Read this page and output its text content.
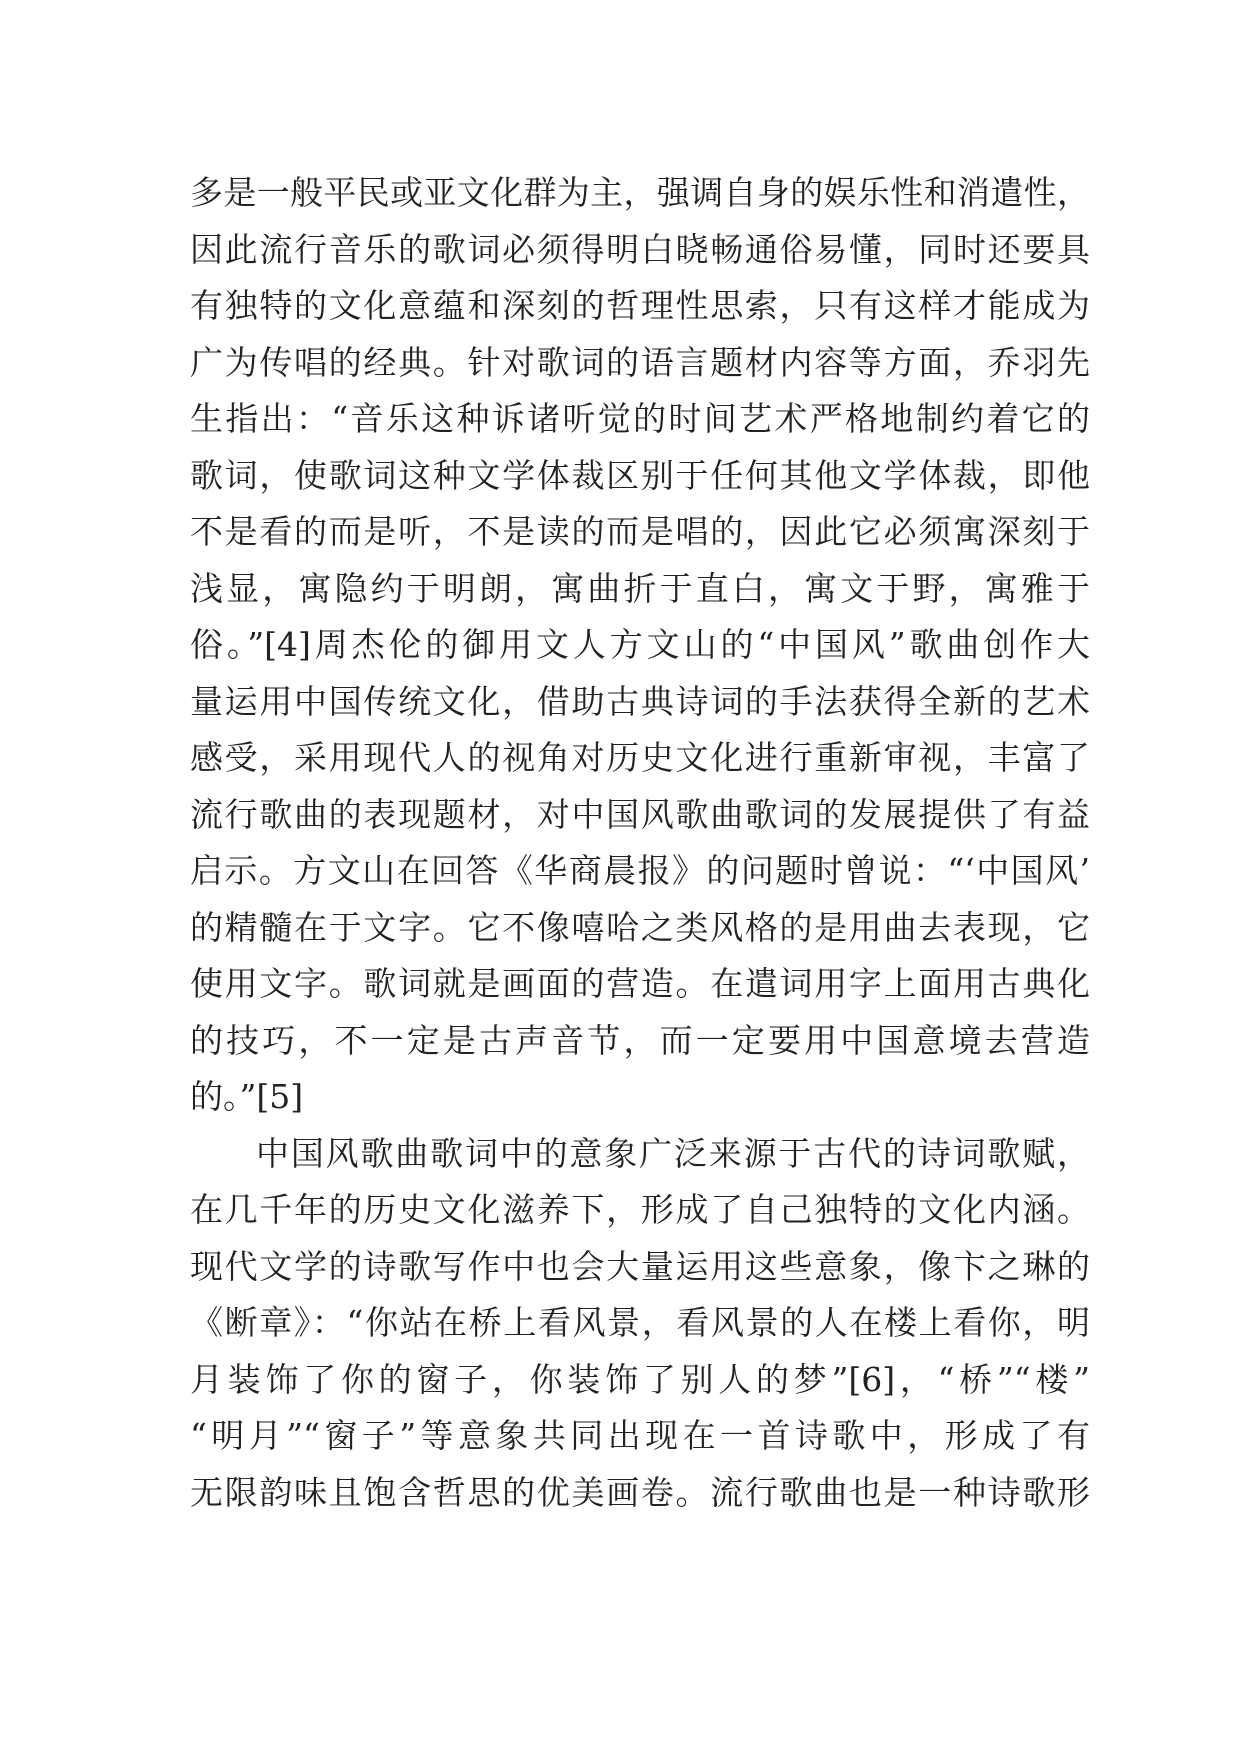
多是一般平民或亚文化群为主，强调自身的娱乐性和消遣性，
因此流行音乐的歌词必须得明白晓畅通俗易懂，同时还要具
有独特的文化意蕴和深刻的哲理性思索，只有这样才能成为
广为传唱的经典。针对歌词的语言题材内容等方面，乔羽先
生指出：“音乐这种诉诸听觉的时间艺术严格地制约着它的
歌词，使歌词这种文学体裁区别于任何其他文学体裁，即他
不是看的而是听，不是读的而是唱的，因此它必须寓深刻于
浅显，寓隐约于明朗，寓曲折于直白，寓文于野，寓雅于
俗。”[4]周杰伦的御用文人方文山的“中国风”歌曲创作大
量运用中国传统文化，借助古典诗词的手法获得全新的艺术
感受，采用现代人的视角对历史文化进行重新审视，丰富了
流行歌曲的表现题材，对中国风歌曲歌词的发展提供了有益
启示。方文山在回答《华商晨报》的问题时曾说：“‘中国风’
的精髓在于文字。它不像嘻哈之类风格的是用曲去表现，它
使用文字。歌词就是画面的营造。在遣词用字上面用古典化
的技巧，不一定是古声音节，而一定要用中国意境去营造
的。”[5]
中国风歌曲歌词中的意象广泛来源于古代的诗词歌赋，
在几千年的历史文化滋养下，形成了自己独特的文化内涵。
现代文学的诗歌写作中也会大量运用这些意象，像卞之琳的
《断章》：“你站在桥上看风景，看风景的人在楼上看你，明
月装饰了你的窗子，你装饰了别人的梦”[6]，“桥”“楼”
“明月”“窗子”等意象共同出现在一首诗歌中，形成了有
无限韵味且饱含哲思的优美画卷。流行歌曲也是一种诗歌形
